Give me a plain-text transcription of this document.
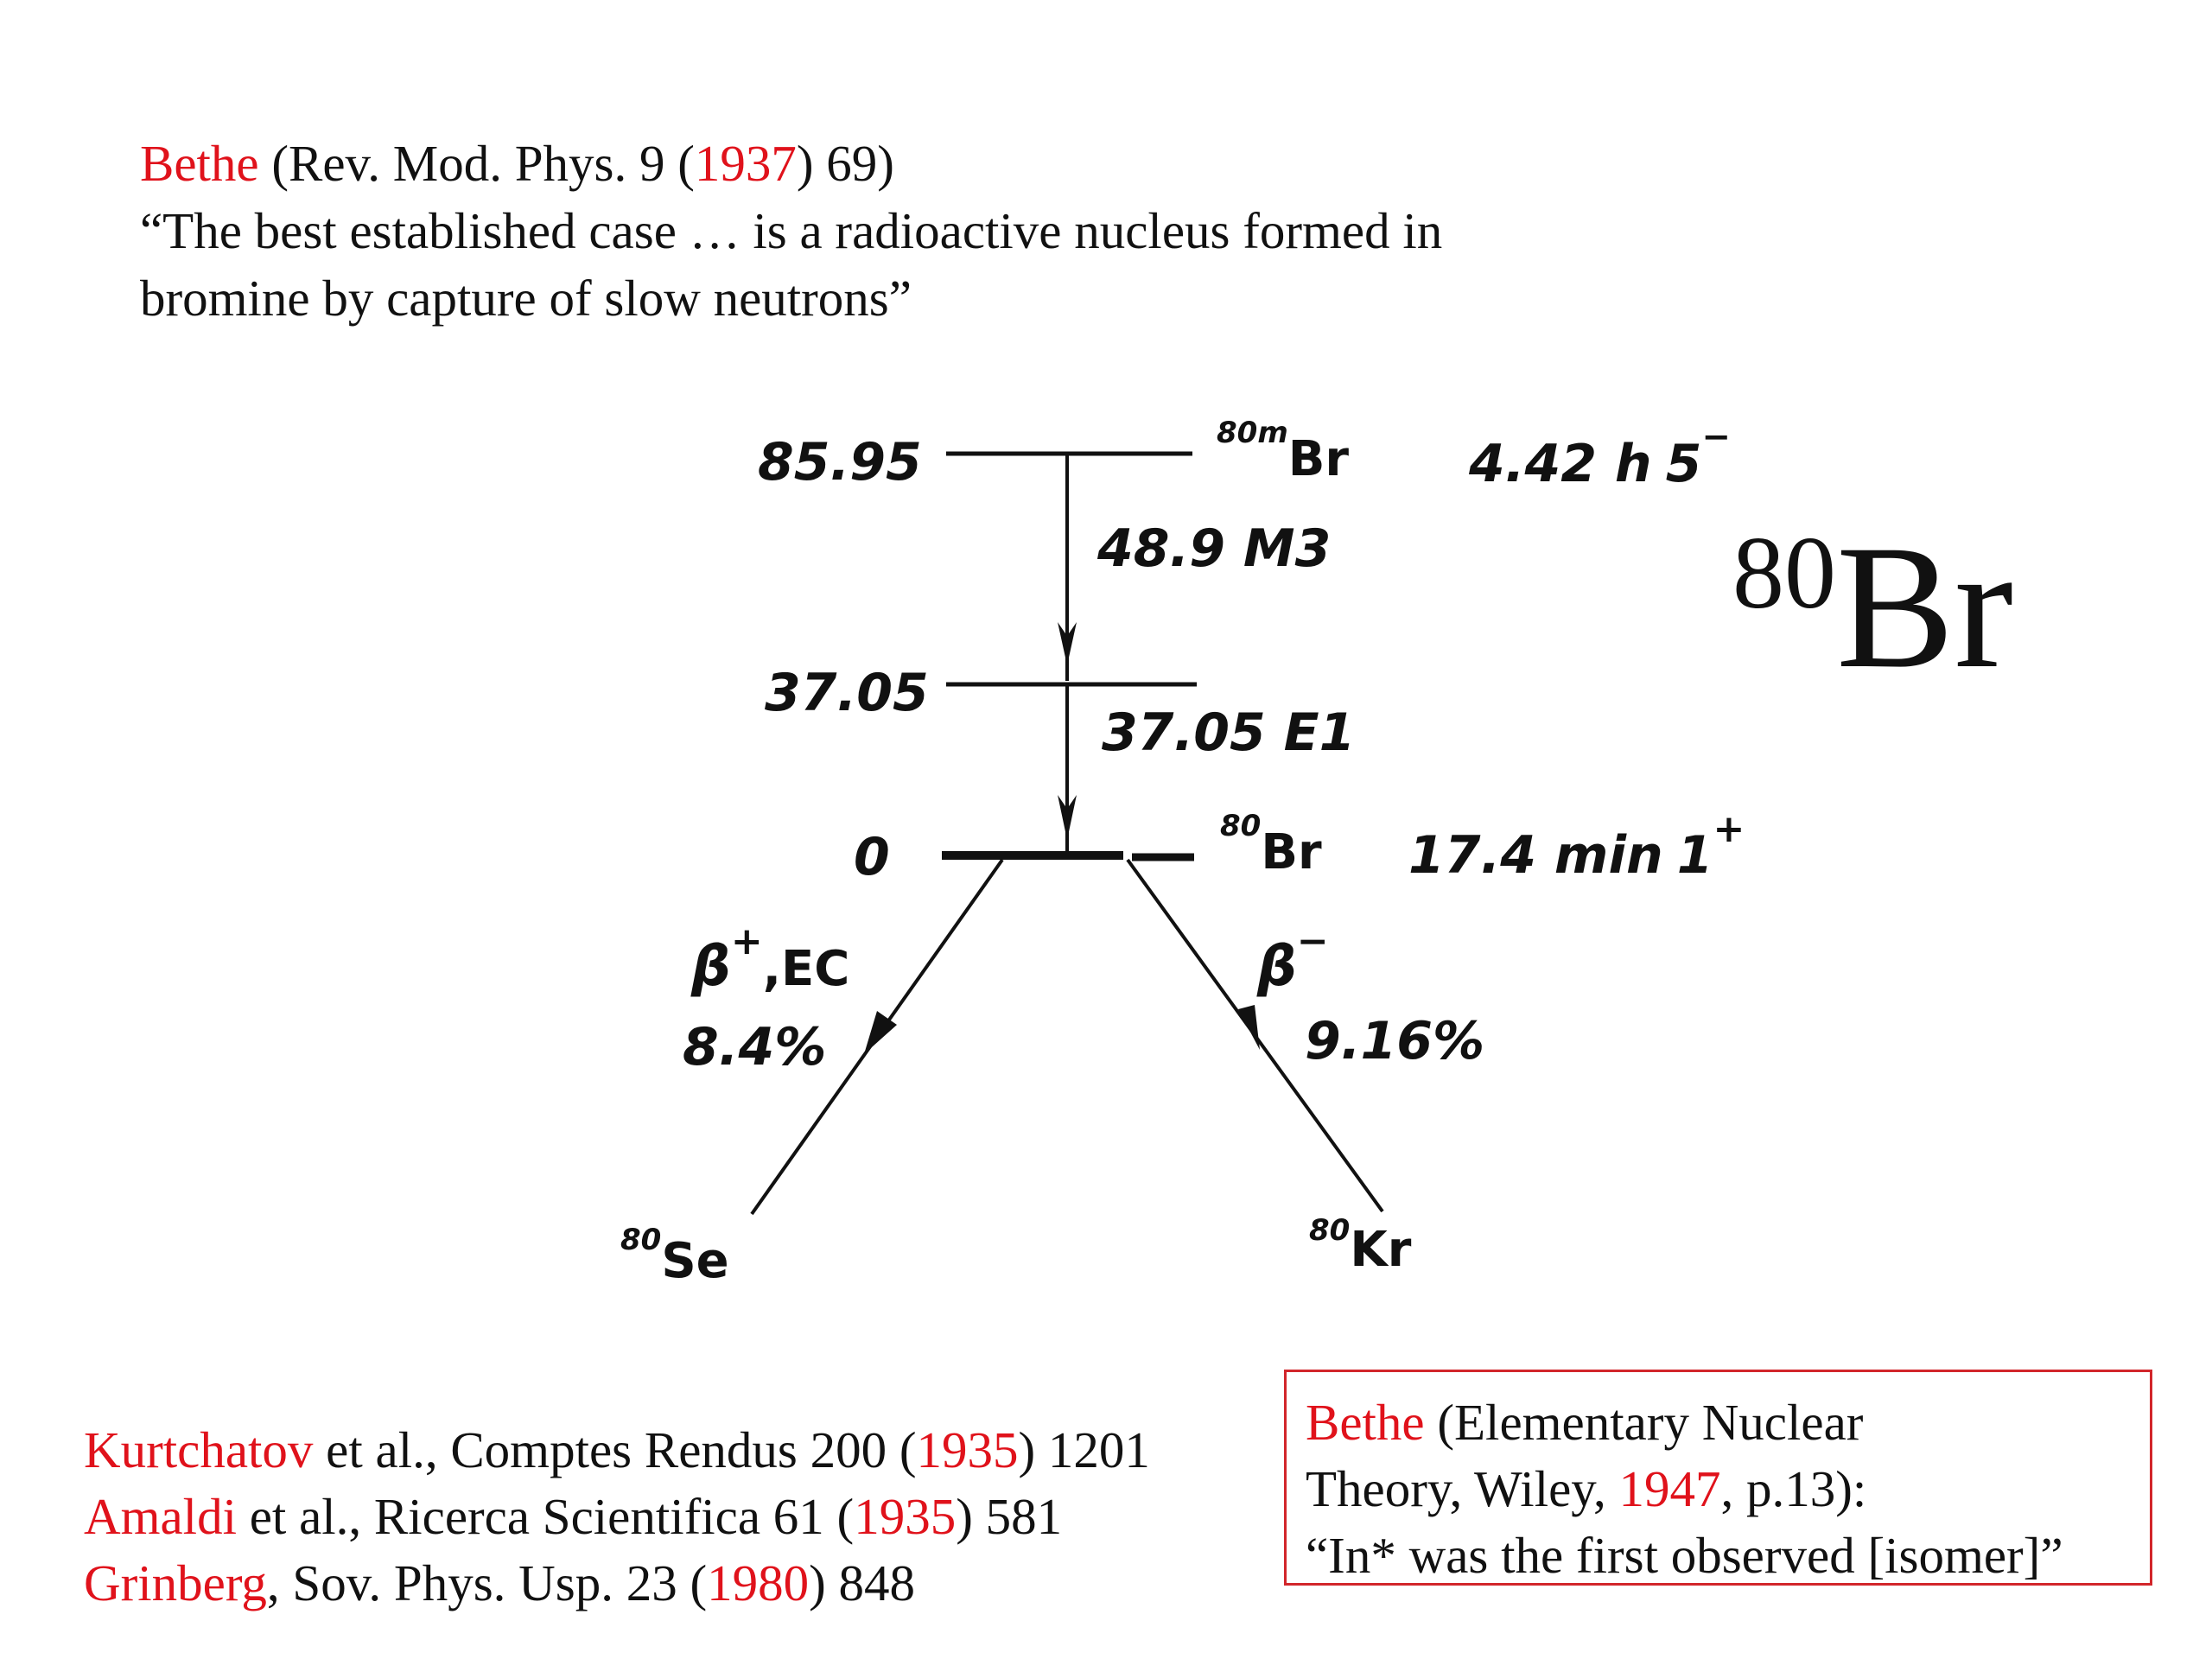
Bethe (Rev. Mod. Phys. 9 (1937) 69)
“The best established case … is a radioactive nucleus formed in
bromine by capture of slow neutrons”
$^{80}$Br
85.95
37.05
0
80mBr 4.42 h 5−
48.9 M3
37.05 E1
80Br 17.4 min 1+
β+,EC
8.4%
β−
9.16%
80Se
80Kr
Kurtchatov et al., Comptes Rendus 200 (1935) 1201
Amaldi et al., Ricerca Scientifica 61 (1935) 581
Grinberg, Sov. Phys. Usp. 23 (1980) 848
Bethe (Elementary Nuclear
Theory, Wiley, 1947, p.13):
“In* was the first observed [isomer]”
